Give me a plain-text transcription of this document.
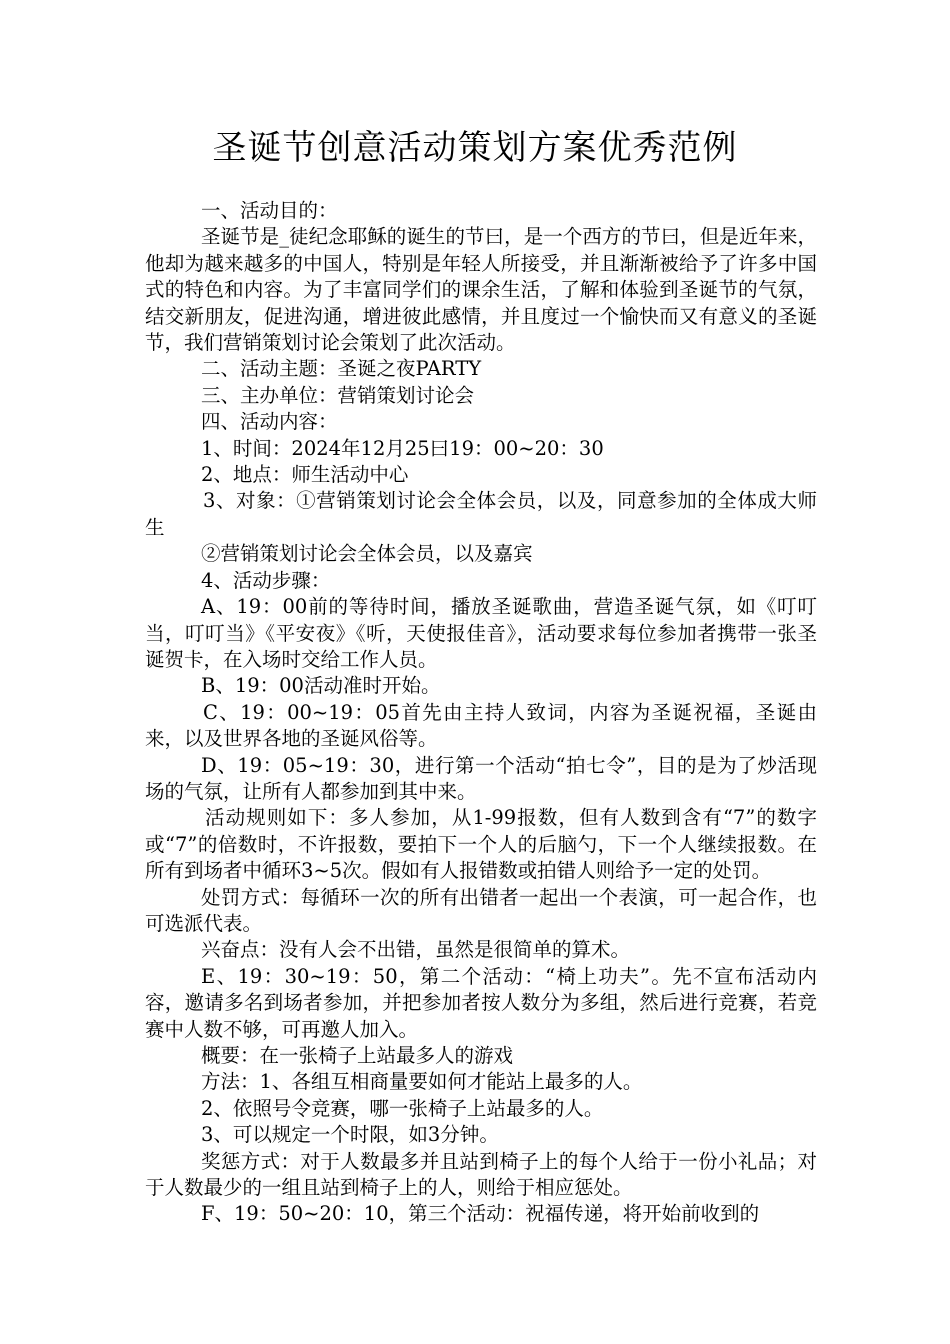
圣诞节创意活动策划方案优秀范例

一、活动目的：

圣诞节是_徒纪念耶稣的诞生的节曰，是一个西方的节曰，但是近年来，他却为越来越多的中国人，特别是年轻人所接受，并且渐渐被给予了许多中国式的特色和内容。为了丰富同学们的课余生活，了解和体验到圣诞节的气氛，结交新朋友，促进沟通，增进彼此感情，并且度过一个愉快而又有意义的圣诞节，我们营销策划讨论会策划了此次活动。

二、活动主题：圣诞之夜PARTY

三、主办单位：营销策划讨论会

四、活动内容：

1、时间：2024年12月25曰19：00~20：30

2、地点：师生活动中心

3、对象：①营销策划讨论会全体会员，以及，同意参加的全体成大师生

②营销策划讨论会全体会员，以及嘉宾

4、活动步骤：

A、19：00前的等待时间，播放圣诞歌曲，营造圣诞气氛，如《叮叮当，叮叮当》《平安夜》《听，天使报佳音》，活动要求每位参加者携带一张圣诞贺卡，在入场时交给工作人员。

B、19：00活动准时开始。

C、19：00~19：05首先由主持人致词，内容为圣诞祝福，圣诞由来，以及世界各地的圣诞风俗等。

D、19：05~19：30，进行第一个活动“拍七令”，目的是为了炒活现场的气氛，让所有人都参加到其中来。

活动规则如下：多人参加，从1-99报数，但有人数到含有“7”的数字或“7”的倍数时，不许报数，要拍下一个人的后脑勺，下一个人继续报数。在所有到场者中循环3~5次。假如有人报错数或拍错人则给予一定的处罚。

处罚方式：每循环一次的所有出错者一起出一个表演，可一起合作，也可选派代表。

兴奋点：没有人会不出错，虽然是很简单的算术。

E、19：30~19：50，第二个活动：“椅上功夫”。先不宣布活动内容，邀请多名到场者参加，并把参加者按人数分为多组，然后进行竞赛，若竞赛中人数不够，可再邀人加入。

概要：在一张椅子上站最多人的游戏

方法：1、各组互相商量要如何才能站上最多的人。

2、依照号令竞赛，哪一张椅子上站最多的人。

3、可以规定一个时限，如3分钟。

奖惩方式：对于人数最多并且站到椅子上的每个人给于一份小礼品；对于人数最少的一组且站到椅子上的人，则给于相应惩处。

F、19：50~20：10，第三个活动：祝福传递，将开始前收到的
